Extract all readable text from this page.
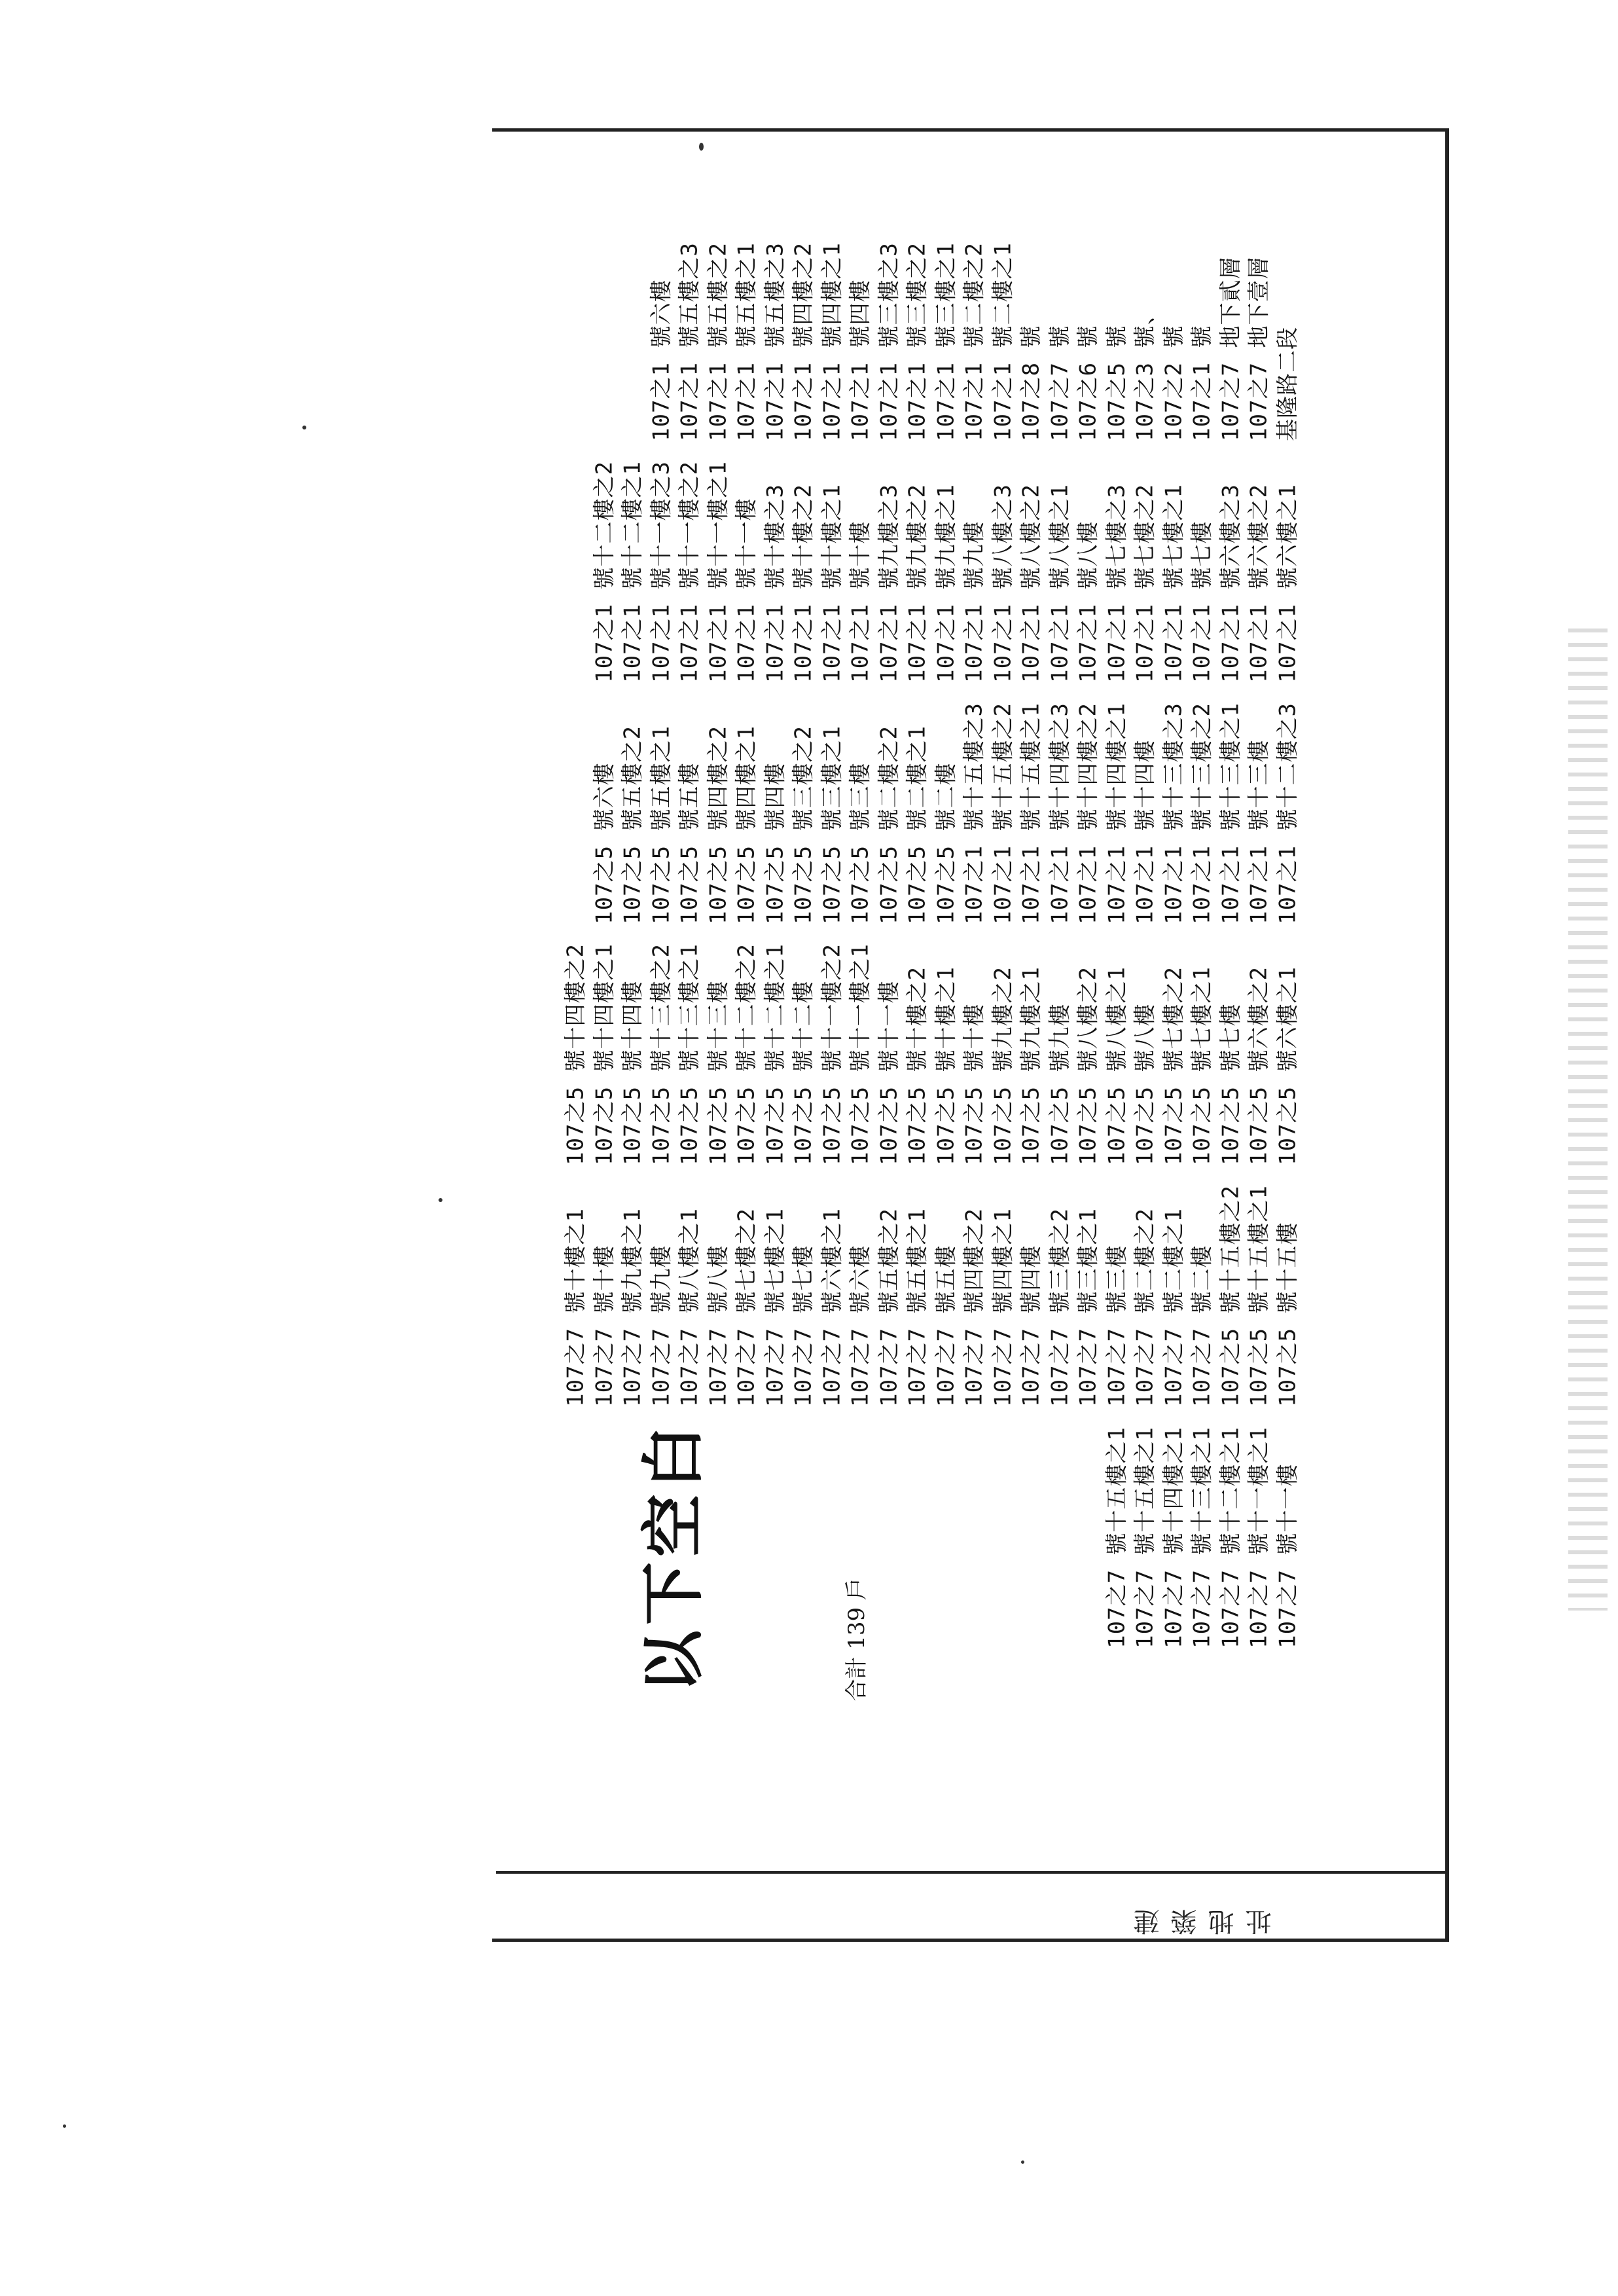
建築地址
基隆路二段
107之7 地下壹層
107之7 地下貳層
107之1 號
107之2 號
107之3 號、
107之5 號
107之6 號
107之7 號
107之8 號
107之1 號二樓之1
107之1 號二樓之2
107之1 號三樓之1
107之1 號三樓之2
107之1 號三樓之3
107之1 號四樓
107之1 號四樓之1
107之1 號四樓之2
107之1 號五樓之3
107之1 號五樓之1
107之1 號五樓之2
107之1 號五樓之3
107之1 號六樓
107之1 號六樓之1
107之1 號六樓之2
107之1 號六樓之3
107之1 號七樓
107之1 號七樓之1
107之1 號七樓之2
107之1 號七樓之3
107之1 號八樓
107之1 號八樓之1
107之1 號八樓之2
107之1 號八樓之3
107之1 號九樓
107之1 號九樓之1
107之1 號九樓之2
107之1 號九樓之3
107之1 號十樓
107之1 號十樓之1
107之1 號十樓之2
107之1 號十樓之3
107之1 號十一樓
107之1 號十一樓之1
107之1 號十一樓之2
107之1 號十一樓之3
107之1 號十二樓之1
107之1 號十二樓之2
107之1 號十二樓之3
107之1 號十三樓
107之1 號十三樓之1
107之1 號十三樓之2
107之1 號十三樓之3
107之1 號十四樓
107之1 號十四樓之1
107之1 號十四樓之2
107之1 號十四樓之3
107之1 號十五樓之1
107之1 號十五樓之2
107之1 號十五樓之3
107之5 號二樓
107之5 號二樓之1
107之5 號二樓之2
107之5 號三樓
107之5 號三樓之1
107之5 號三樓之2
107之5 號四樓
107之5 號四樓之1
107之5 號四樓之2
107之5 號五樓
107之5 號五樓之1
107之5 號五樓之2
107之5 號六樓
107之5 號六樓之1
107之5 號六樓之2
107之5 號七樓
107之5 號七樓之1
107之5 號七樓之2
107之5 號八樓
107之5 號八樓之1
107之5 號八樓之2
107之5 號九樓
107之5 號九樓之1
107之5 號九樓之2
107之5 號十樓
107之5 號十樓之1
107之5 號十樓之2
107之5 號十一樓
107之5 號十一樓之1
107之5 號十一樓之2
107之5 號十二樓
107之5 號十二樓之1
107之5 號十二樓之2
107之5 號十三樓
107之5 號十三樓之1
107之5 號十三樓之2
107之5 號十四樓
107之5 號十四樓之1
107之5 號十四樓之2
107之5 號十五樓
107之5 號十五樓之1
107之5 號十五樓之2
107之7 號二樓
107之7 號二樓之1
107之7 號二樓之2
107之7 號三樓
107之7 號三樓之1
107之7 號三樓之2
107之7 號四樓
107之7 號四樓之1
107之7 號四樓之2
107之7 號五樓
107之7 號五樓之1
107之7 號五樓之2
107之7 號六樓
107之7 號六樓之1
107之7 號七樓
107之7 號七樓之1
107之7 號七樓之2
107之7 號八樓
107之7 號八樓之1
107之7 號九樓
107之7 號九樓之1
107之7 號十樓
107之7 號十樓之1
107之7 號十一樓
107之7 號十一樓之1
107之7 號十二樓之1
107之7 號十三樓之1
107之7 號十四樓之1
107之7 號十五樓之1
107之7 號十五樓之1
合計 139 戶
以下空白
